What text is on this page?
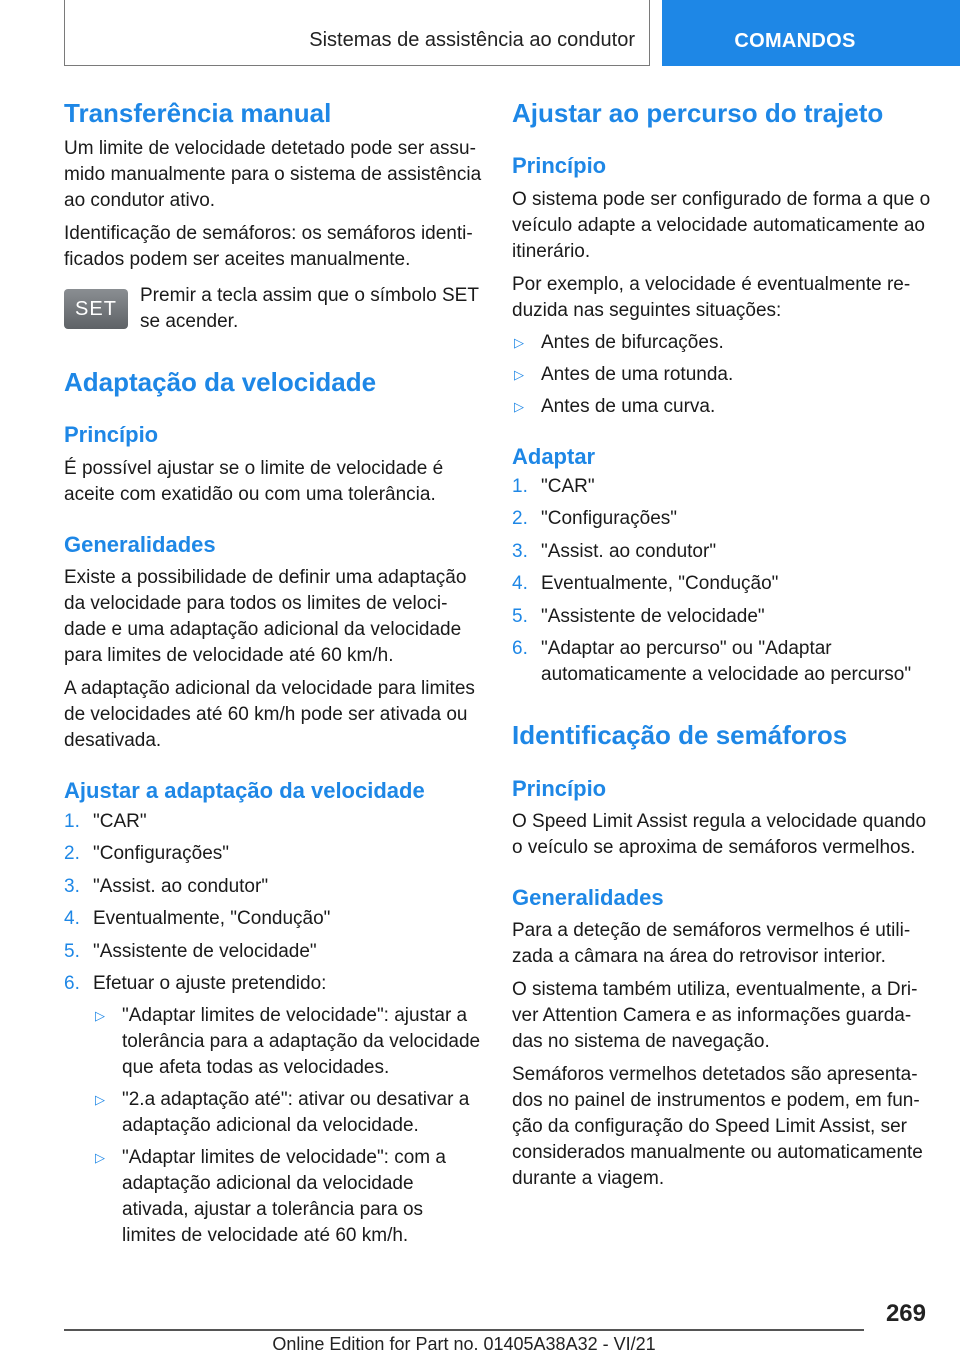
Sistemas de assistência ao condutor	COMANDOS
Transferência manual

Um limite de velocidade detetado pode ser assumido manualmente para o sistema de assistência ao condutor ativo.

Identificação de semáforos: os semáforos identificados podem ser aceites manualmente.

SET

Premir a tecla assim que o símbolo SET se acender.

Adaptação da velocidade
Princípio

É possível ajustar se o limite de velocidade é aceite com exatidão ou com uma tolerância.

Generalidades

Existe a possibilidade de definir uma adaptação da velocidade para todos os limites de velocidade e uma adaptação adicional da velocidade para limites de velocidade até 60 km/h.

A adaptação adicional da velocidade para limites de velocidades até 60 km/h pode ser ativada ou desativada.

Ajustar a adaptação da velocidade
1. "CAR"
2. "Configurações"
3. "Assist. ao condutor"
4. Eventualmente, "Condução"
5. "Assistente de velocidade"
6. Efetuar o ajuste pretendido:
▷ "Adaptar limites de velocidade": ajustar a tolerância para a adaptação da velocidade que afeta todas as velocidades.
▷ "2.a adaptação até": ativar ou desativar a adaptação adicional da velocidade.
▷ "Adaptar limites de velocidade": com a adaptação adicional da velocidade ativada, ajustar a tolerância para os limites de velocidade até 60 km/h.
Ajustar ao percurso do trajeto
Princípio

O sistema pode ser configurado de forma a que o veículo adapte a velocidade automaticamente ao itinerário.

Por exemplo, a velocidade é eventualmente reduzida nas seguintes situações:

▷ Antes de bifurcações.
▷ Antes de uma rotunda.
▷ Antes de uma curva.
Adaptar
1. "CAR"
2. "Configurações"
3. "Assist. ao condutor"
4. Eventualmente, "Condução"
5. "Assistente de velocidade"
6. "Adaptar ao percurso" ou "Adaptar automaticamente a velocidade ao percurso"
Identificação de semáforos
Princípio

O Speed Limit Assist regula a velocidade quando o veículo se aproxima de semáforos vermelhos.

Generalidades

Para a deteção de semáforos vermelhos é utilizada a câmara na área do retrovisor interior.

O sistema também utiliza, eventualmente, a Driver Attention Camera e as informações guardadas no sistema de navegação.

Semáforos vermelhos detetados são apresentados no painel de instrumentos e podem, em função da configuração do Speed Limit Assist, ser considerados manualmente ou automaticamente durante a viagem.

269
Online Edition for Part no. 01405A38A32 - VI/21
